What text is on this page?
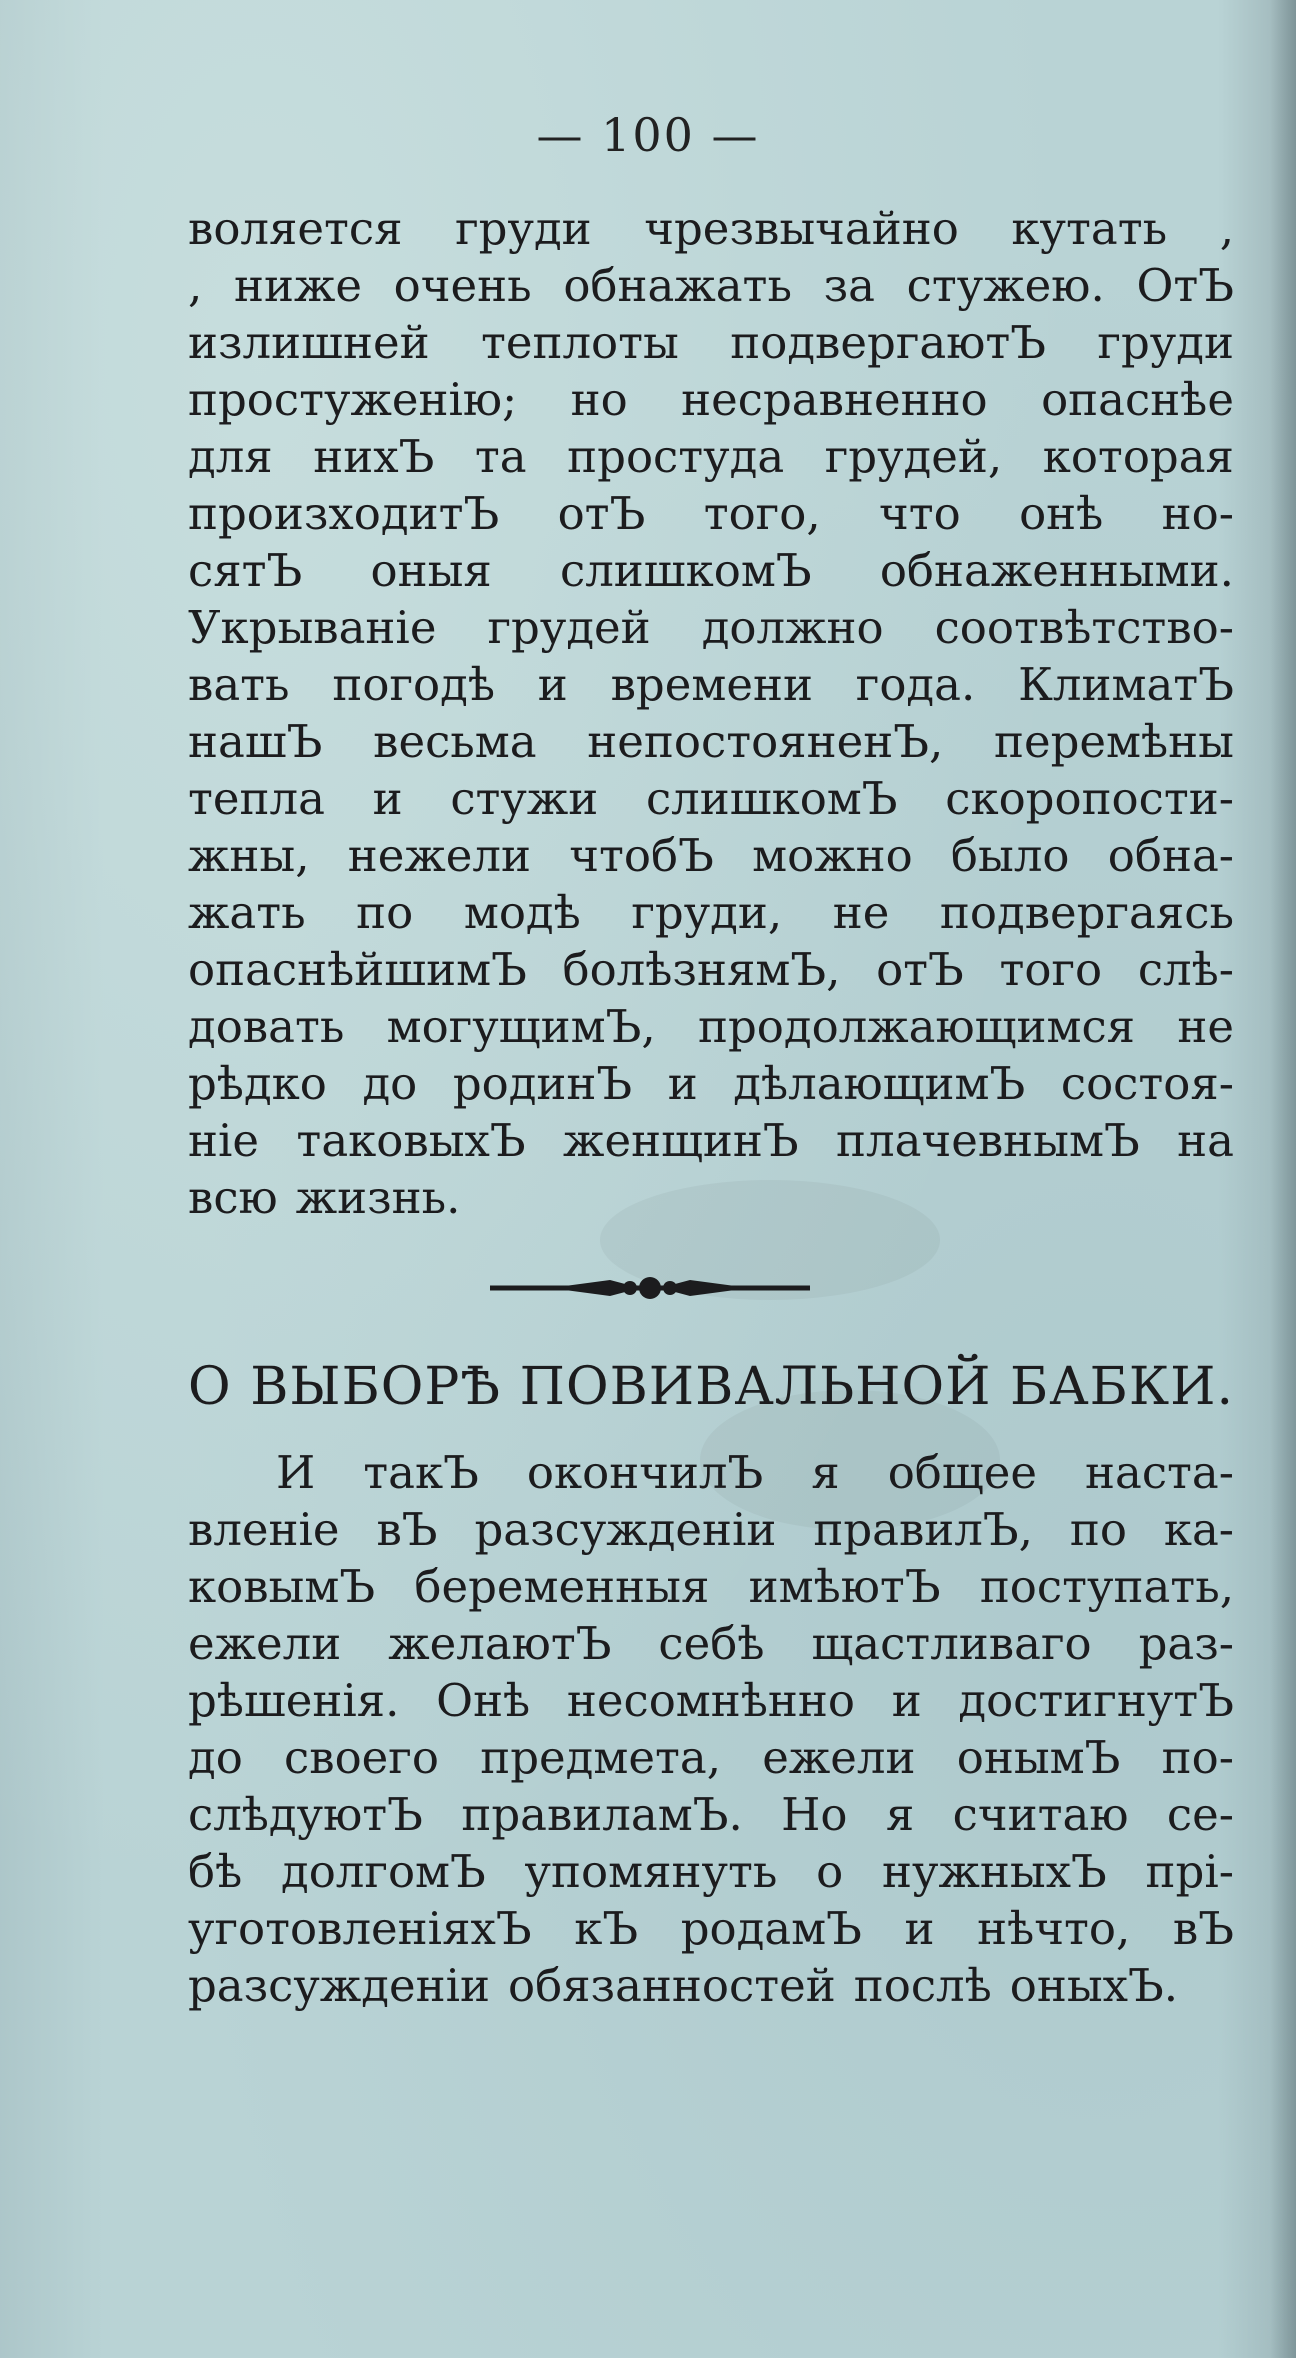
— 100 —
воляется груди чрезвычайно кутать ,
, ниже очень обнажать за стужею. ОтЪ
излишней теплоты подвергаютЪ груди
простуженію; но несравненно опаснѣе
для нихЪ та простуда грудей, которая
произходитЪ отЪ того, что онѣ но-
сятЪ оныя слишкомЪ обнаженными.
Укрыванiе грудей должно соотвѣтство-
вать погодѣ и времени года. КлиматЪ
нашЪ весьма непостояненЪ, перемѣны
тепла и стужи слишкомЪ скоропости-
жны, нежели чтобЪ можно было обна-
жать по модѣ груди, не подвергаясь
опаснѣйшимЪ болѣзнямЪ, отЪ того слѣ-
довать могущимЪ, продолжающимся не
рѣдко до родинЪ и дѣлающимЪ состоя-
нiе таковыхЪ женщинЪ плачевнымЪ на
всю жизнь.
О ВЫБОРѢ ПОВИВАЛЬНОЙ БАБКИ.
И такЪ окончилЪ я общее наста-
вленiе вЪ разсужденiи правилЪ, по ка-
ковымЪ беременныя имѣютЪ поступать,
ежели желаютЪ себѣ щастливаго раз-
рѣшенiя. Онѣ несомнѣнно и достигнутЪ
до своего предмета, ежели онымЪ по-
слѣдуютЪ правиламЪ. Но я считаю се-
бѣ долгомЪ упомянуть о нужныхЪ прi-
уготовленiяхЪ кЪ родамЪ и нѣчто, вЪ
разсужденiи обязанностей послѣ оныхЪ.
